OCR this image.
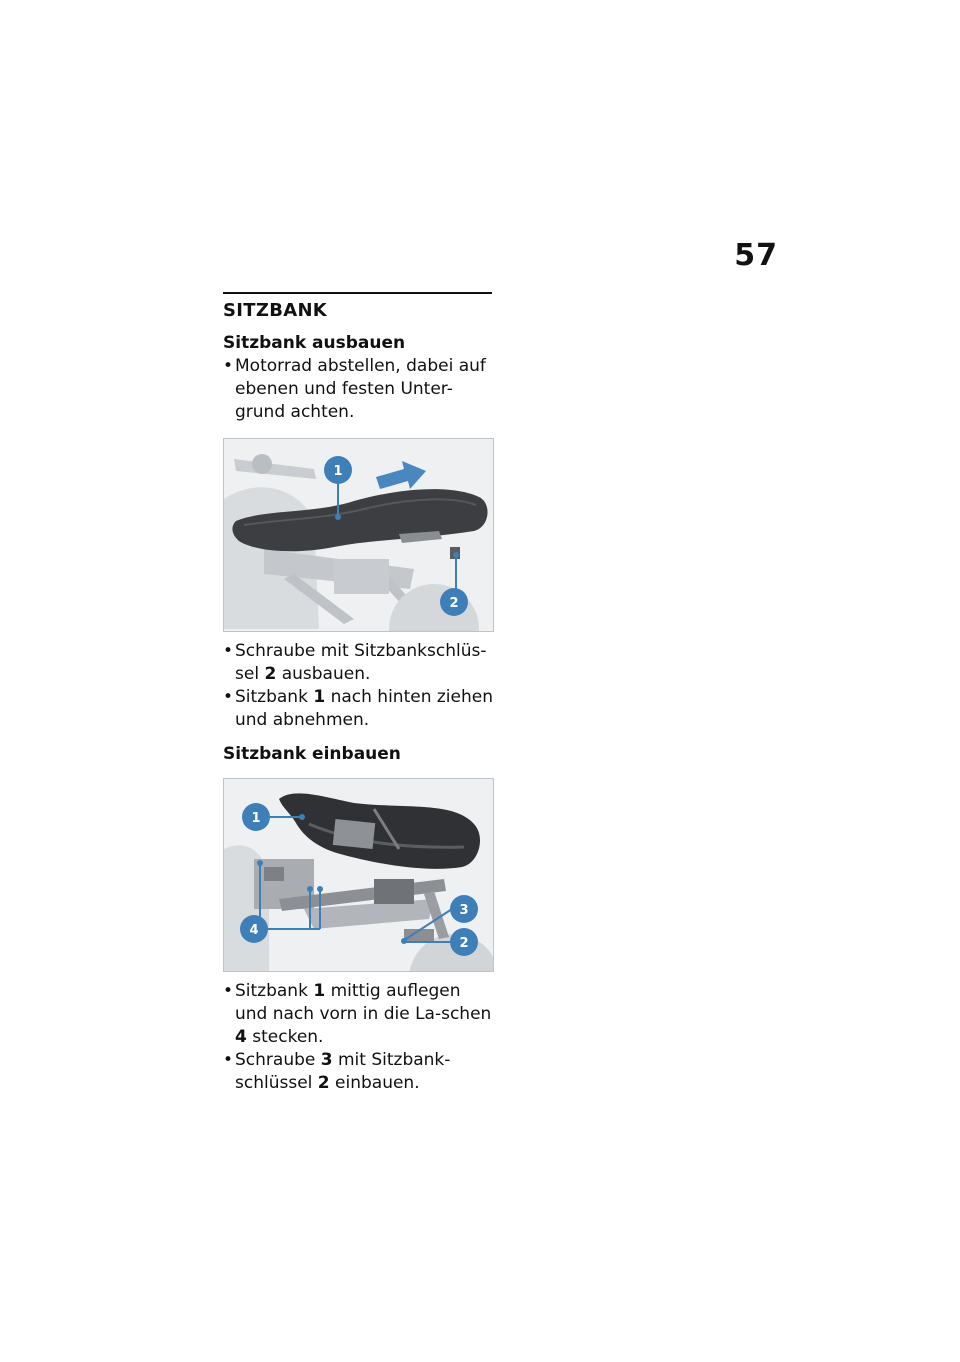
57
SITZBANK
Sitzbank ausbauen
• Motorrad abstellen, dabei auf ebenen und festen Unter-grund achten.
1
2
• Schraube mit Sitzbankschlüs-sel 2 ausbauen.
• Sitzbank 1 nach hinten ziehen und abnehmen.
Sitzbank einbauen
1
4
3
2
• Sitzbank 1 mittig auflegen und nach vorn in die La-schen 4 stecken.
• Schraube 3 mit Sitzbank-schlüssel 2 einbauen.
